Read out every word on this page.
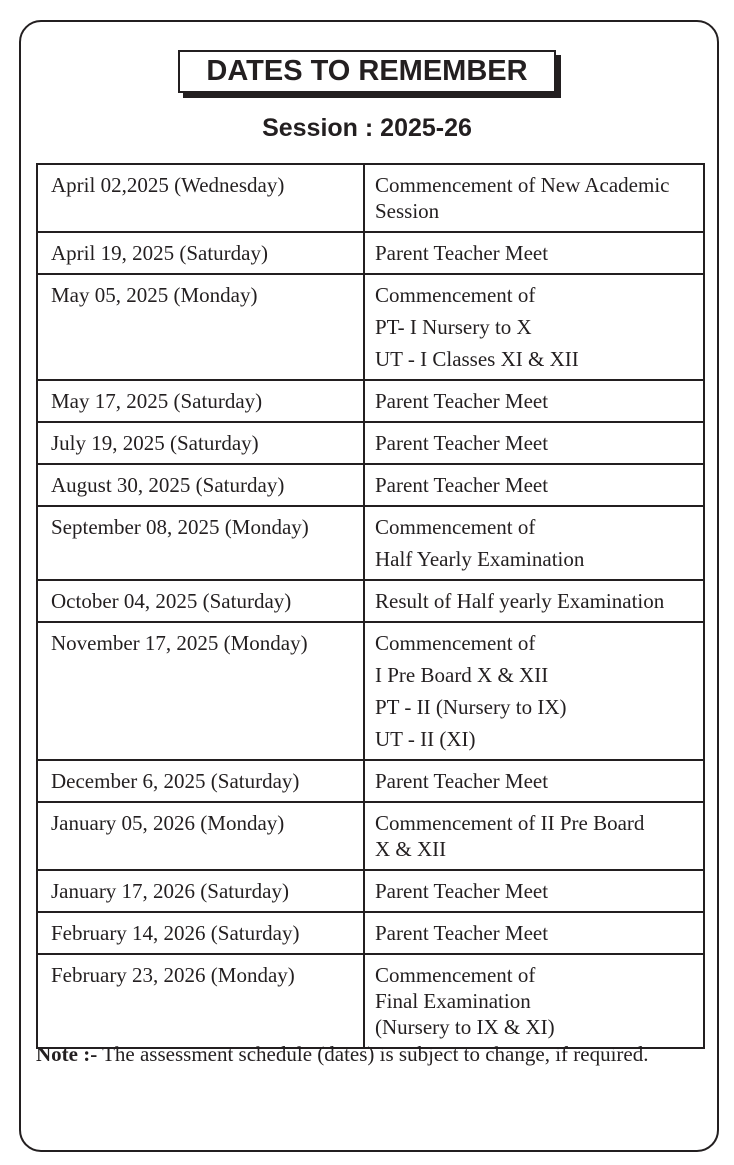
DATES TO REMEMBER
Session : 2025-26
April 02,2025 (Wednesday)	Commencement of New Academic
Session

April 19, 2025 (Saturday)	Parent Teacher Meet

May 05, 2025 (Monday)	Commencement of
PT- I Nursery to X
UT - I Classes XI & XII

May 17, 2025 (Saturday)	Parent Teacher Meet

July 19, 2025 (Saturday)	Parent Teacher Meet

August 30, 2025 (Saturday)	Parent Teacher Meet

September 08, 2025 (Monday)	Commencement of
Half Yearly Examination

October 04, 2025 (Saturday)	Result of Half yearly Examination

November 17, 2025 (Monday)	Commencement of
I Pre Board X & XII
PT - II (Nursery to IX)
UT - II (XI)

December 6, 2025 (Saturday)	Parent Teacher Meet

January 05, 2026 (Monday)	Commencement of II Pre Board
X & XII

January 17, 2026 (Saturday)	Parent Teacher Meet

February 14, 2026 (Saturday)	Parent Teacher Meet

February 23, 2026 (Monday)	Commencement of
Final Examination
(Nursery to IX & XI)
Note :- The assessment schedule (dates) is subject to change, if required.
